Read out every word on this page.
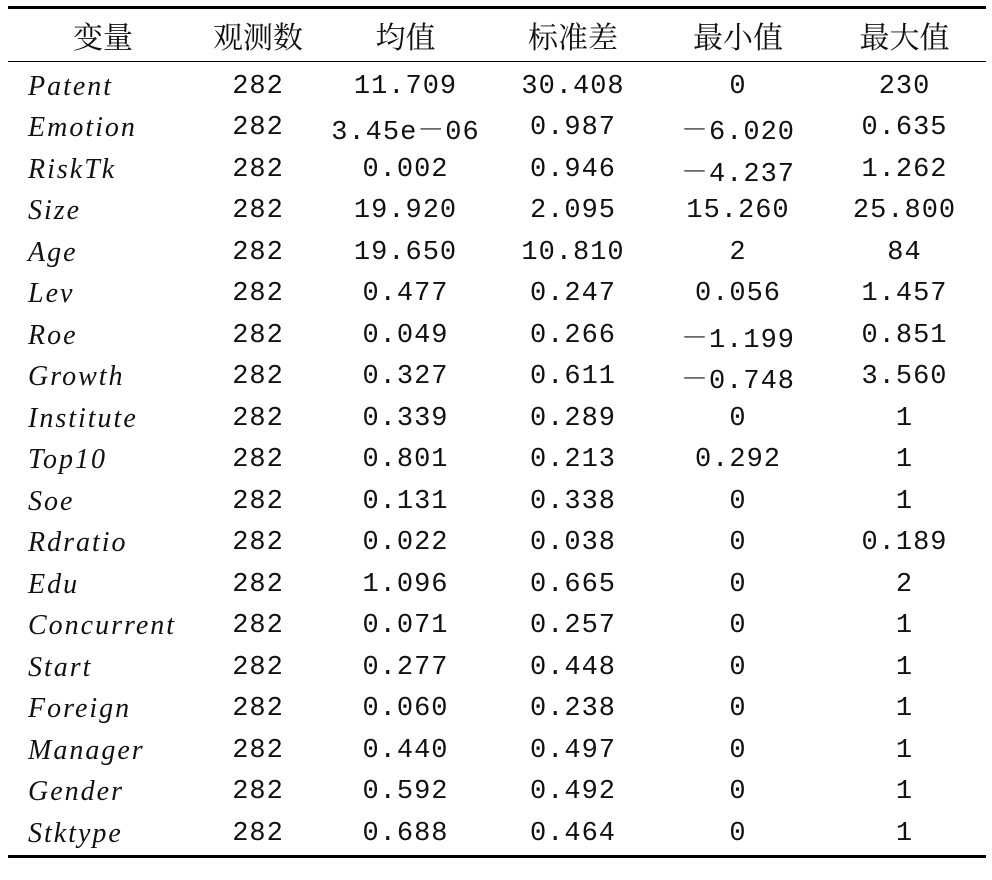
变量	观测数	均值	标准差	最小值	最大值
Patent	282	11.709	30.408	0	230
Emotion	282	3.45e－06	0.987	－6.020	0.635
RiskTk	282	0.002	0.946	－4.237	1.262
Size	282	19.920	2.095	15.260	25.800
Age	282	19.650	10.810	2	84
Lev	282	0.477	0.247	0.056	1.457
Roe	282	0.049	0.266	－1.199	0.851
Growth	282	0.327	0.611	－0.748	3.560
Institute	282	0.339	0.289	0	1
Top10	282	0.801	0.213	0.292	1
Soe	282	0.131	0.338	0	1
Rdratio	282	0.022	0.038	0	0.189
Edu	282	1.096	0.665	0	2
Concurrent	282	0.071	0.257	0	1
Start	282	0.277	0.448	0	1
Foreign	282	0.060	0.238	0	1
Manager	282	0.440	0.497	0	1
Gender	282	0.592	0.492	0	1
Stktype	282	0.688	0.464	0	1
